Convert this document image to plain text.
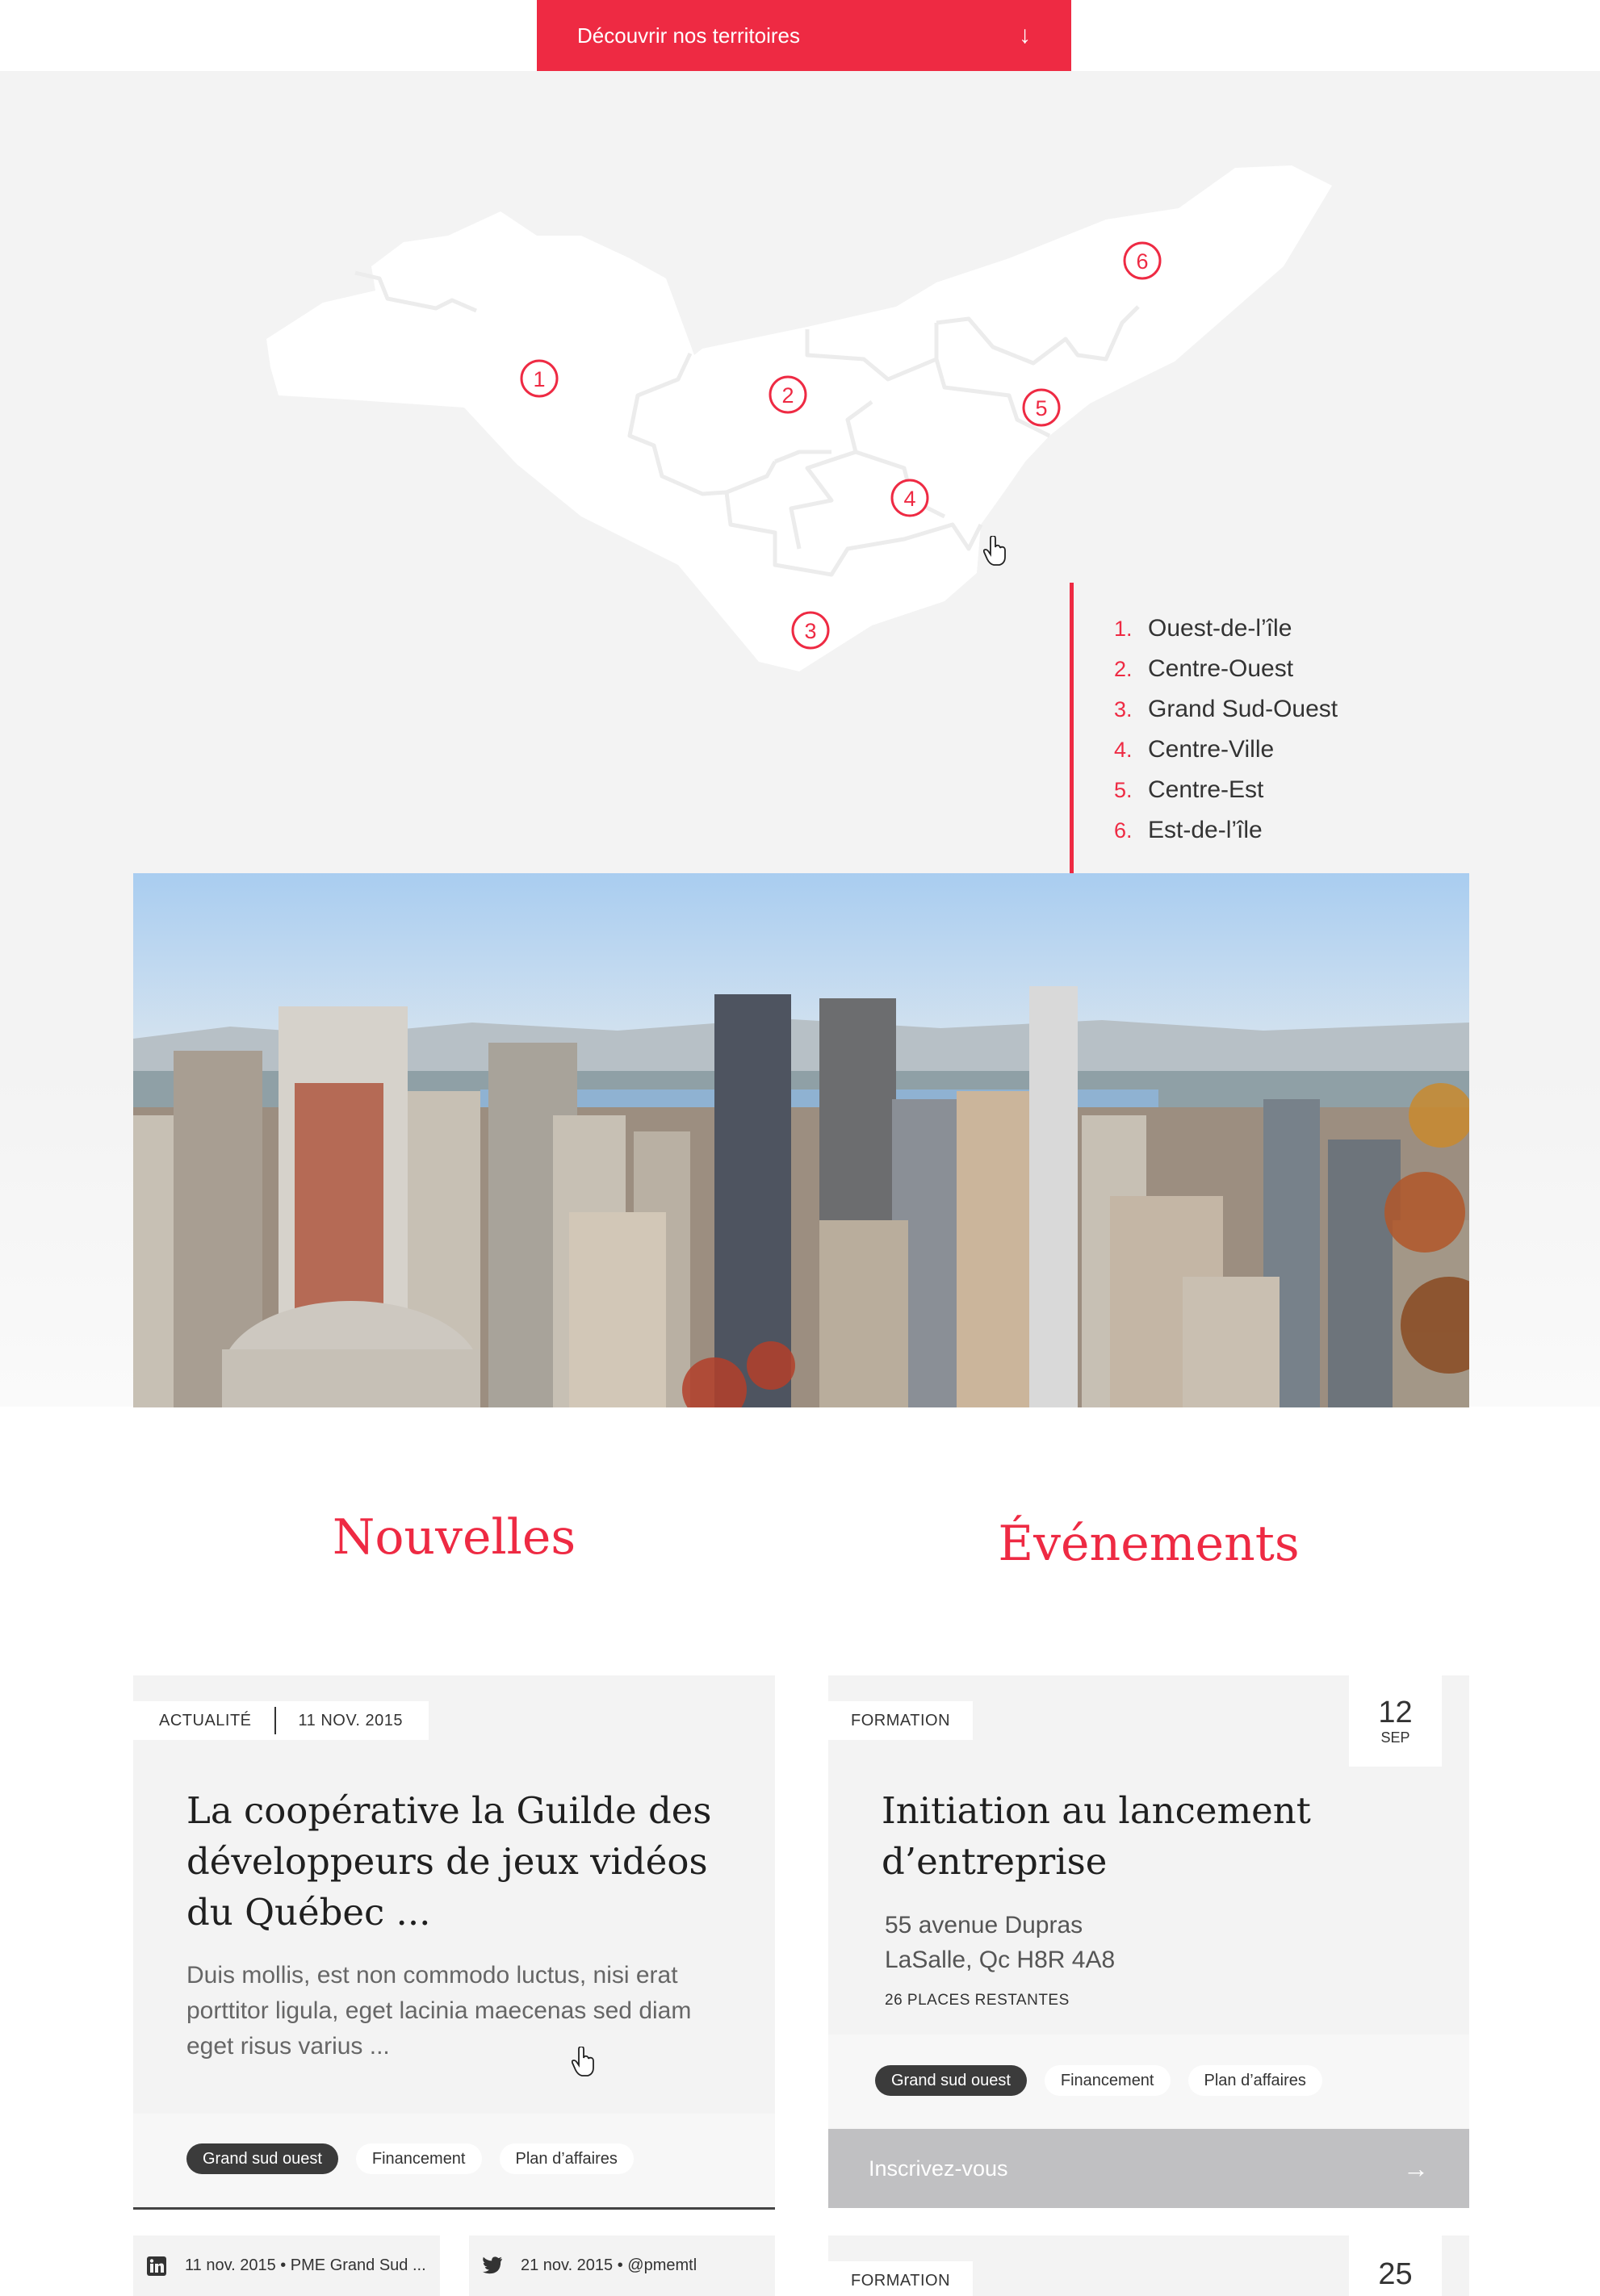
Découvrir nos territoires	↓
1
2
3
4
5
6
1. Ouest-de-l’île
2. Centre-Ouest
3. Grand Sud-Ouest
4. Centre-Ville
5. Centre-Est
6. Est-de-l’île
Nouvelles	Événements
ACTUALITÉ	11 NOV. 2015
La coopérative la Guilde des développeurs de jeux vidéos du Québec ...

Duis mollis, est non commodo luctus, nisi erat porttitor ligula, eget lacinia maecenas sed diam eget risus varius ...

Grand sud ouest	Financement	Plan d’affaires
11 nov. 2015 • PME Grand Sud ...	21 nov. 2015 • @pmemtl
FORMATION	12
SEP
Initiation au lancement d’entreprise
55 avenue Dupras
LaSalle, Qc H8R 4A8
26 PLACES RESTANTES
Grand sud ouest	Financement	Plan d’affaires
Inscrivez-vous	→
FORMATION	25
